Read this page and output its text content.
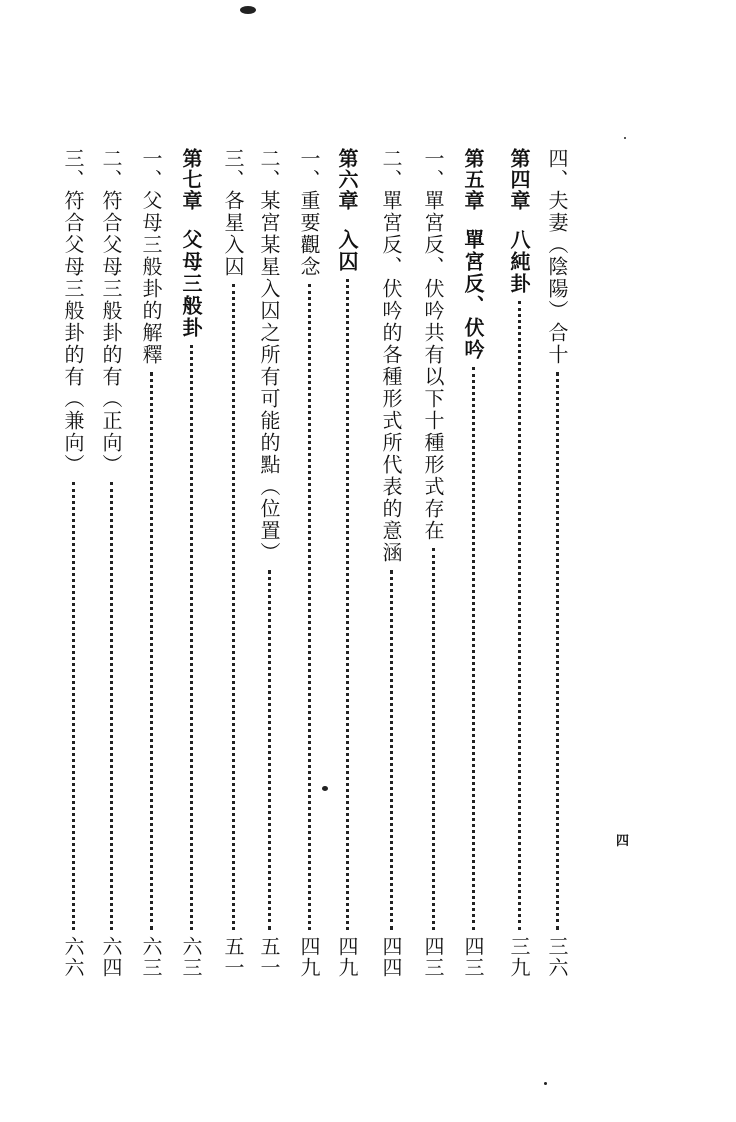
四、
夫妻（陰陽）合十
三六
第四章
八純卦
三九
第五章
單宮反、伏吟
四三
一、
單宮反、伏吟共有以下十種形式存在
四三
二、
單宮反、伏吟的各種形式所代表的意涵
四四
第六章
入囚
四九
一、
重要觀念
四九
二、
某宮某星入囚之所有可能的點（位置）
五一
三、
各星入囚
五一
第七章
父母三般卦
六三
一、
父母三般卦的解釋
六三
二、
符合父母三般卦的有（正向）
六四
三、
符合父母三般卦的有（兼向）
六六
四
